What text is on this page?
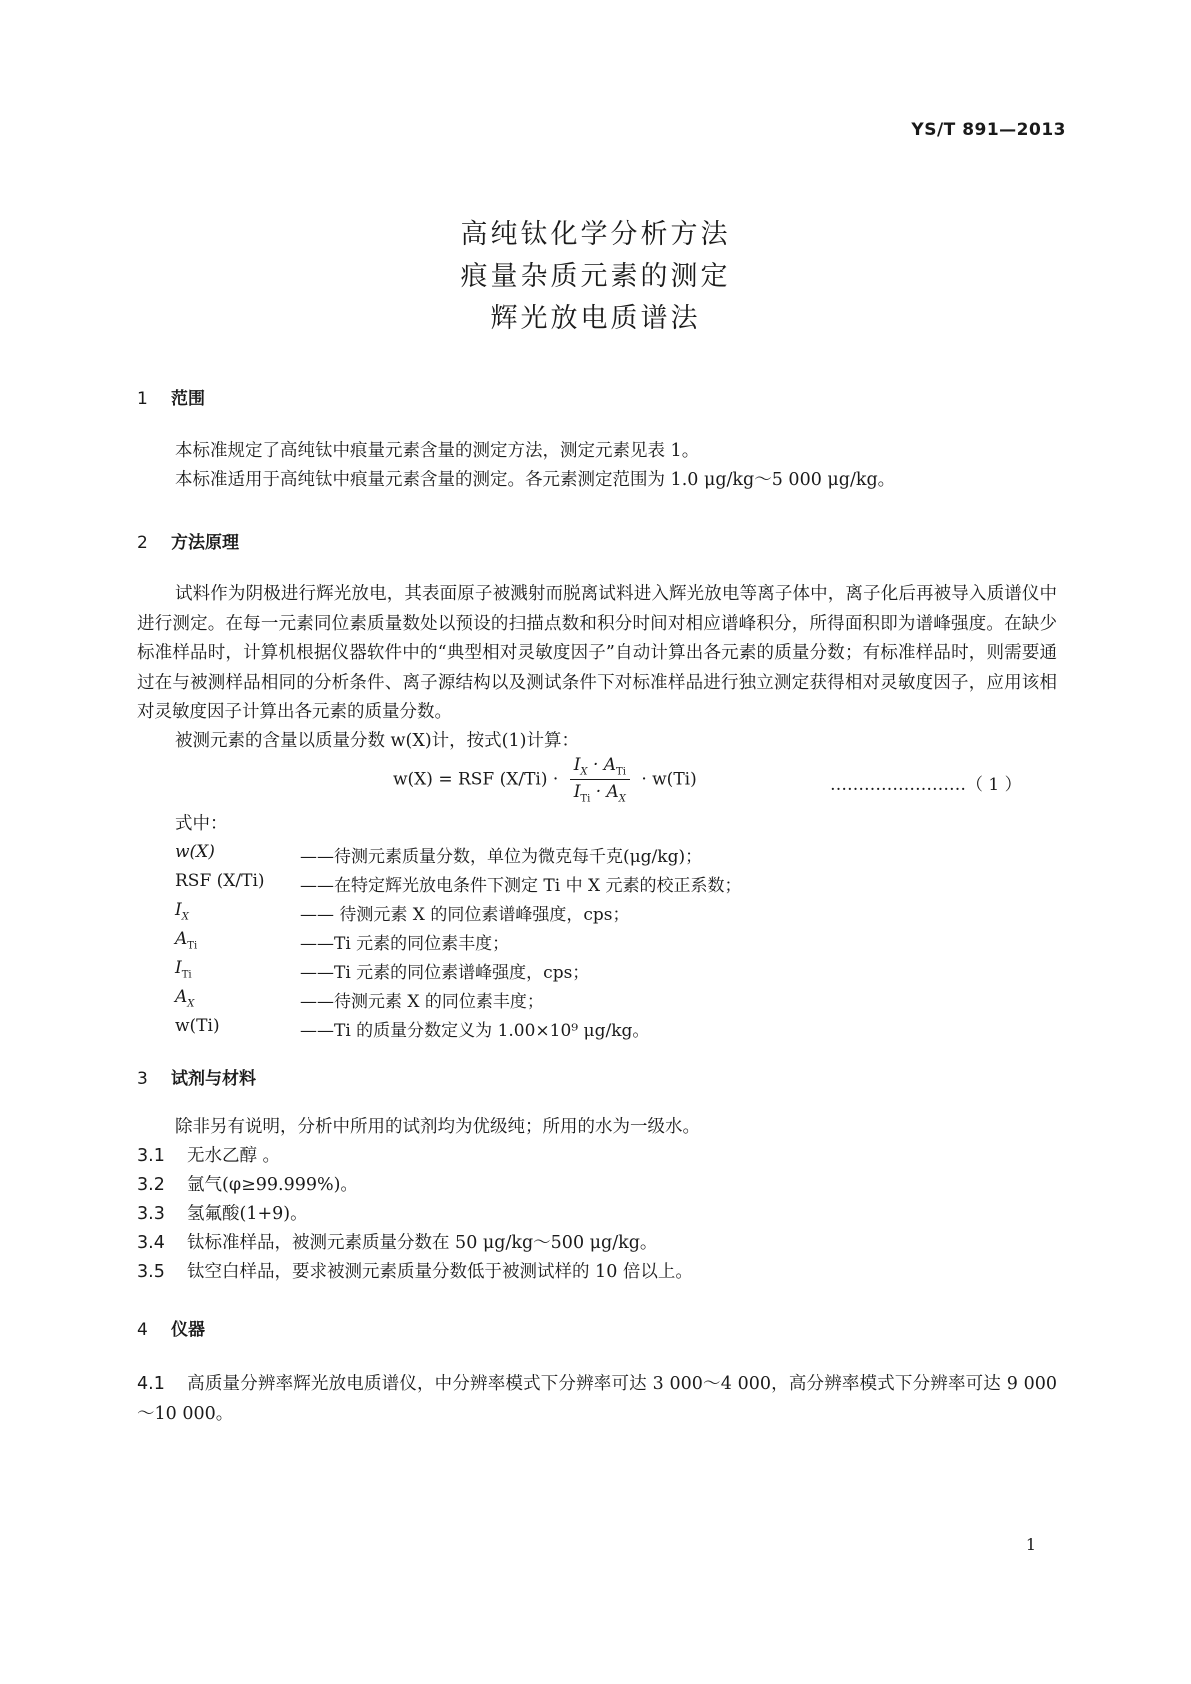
YS/T 891—2013
高纯钛化学分析方法
痕量杂质元素的测定
辉光放电质谱法
1 范围
本标准规定了高纯钛中痕量元素含量的测定方法，测定元素见表 1。
本标准适用于高纯钛中痕量元素含量的测定。各元素测定范围为 1.0 μg/kg～5 000 μg/kg。
2 方法原理
试料作为阴极进行辉光放电，其表面原子被溅射而脱离试料进入辉光放电等离子体中，离子化后再被导入质谱仪中进行测定。在每一元素同位素质量数处以预设的扫描点数和积分时间对相应谱峰积分，所得面积即为谱峰强度。在缺少标准样品时，计算机根据仪器软件中的“典型相对灵敏度因子”自动计算出各元素的质量分数；有标准样品时，则需要通过在与被测样品相同的分析条件、离子源结构以及测试条件下对标准样品进行独立测定获得相对灵敏度因子，应用该相对灵敏度因子计算出各元素的质量分数。
被测元素的含量以质量分数 w(X)计，按式(1)计算：
w(X) = RSF $(X/Ti) \cdot \frac{I_X \cdot A_{Ti}}{I_{Ti} \cdot A_X} \cdot w(Ti)$	……………………（ 1 ）
式中：
w(X)	——待测元素质量分数，单位为微克每千克(μg/kg)；
RSF (X/Ti) ——在特定辉光放电条件下测定 Ti 中 X 元素的校正系数；
$I_X$	—— 待测元素 X 的同位素谱峰强度，cps；
$A_{Ti}$	——Ti 元素的同位素丰度；
$I_{Ti}$	——Ti 元素的同位素谱峰强度，cps；
$A_X$	——待测元素 X 的同位素丰度；
w(Ti)	——Ti 的质量分数定义为 1.00×10⁹ μg/kg。
3 试剂与材料
除非另有说明，分析中所用的试剂均为优级纯；所用的水为一级水。
3.1 无水乙醇 。
3.2 氩气(φ≥99.999%)。
3.3 氢氟酸(1+9)。
3.4 钛标准样品，被测元素质量分数在 50 μg/kg～500 μg/kg。
3.5 钛空白样品，要求被测元素质量分数低于被测试样的 10 倍以上。
4 仪器
4.1 高质量分辨率辉光放电质谱仪，中分辨率模式下分辨率可达 3 000～4 000，高分辨率模式下分辨率可达 9 000～10 000。
1
